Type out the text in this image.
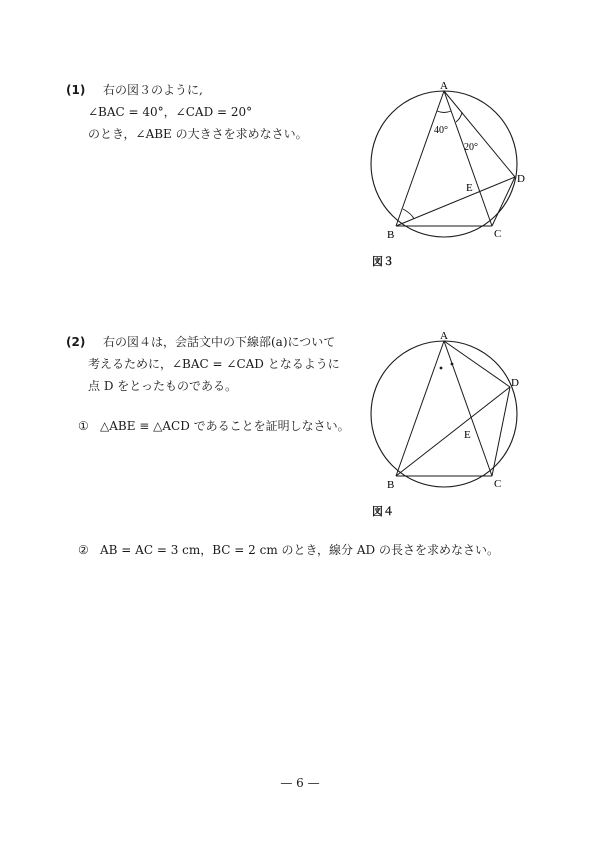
(1) 右の図３のように,
∠BAC = 40°，∠CAD = 20°
のとき，∠ABE の大きさを求めなさい。
A
B	C
D
E
40°
20°
図３
(2) 右の図４は，会話文中の下線部(a)について
考えるために，∠BAC = ∠CAD となるように
点 D をとったものである。
① △ABE ≡ △ACD であることを証明しなさい。
A
B	C
D
E
図４
② AB = AC = 3 cm，BC = 2 cm のとき，線分 AD の長さを求めなさい。
— 6 —
